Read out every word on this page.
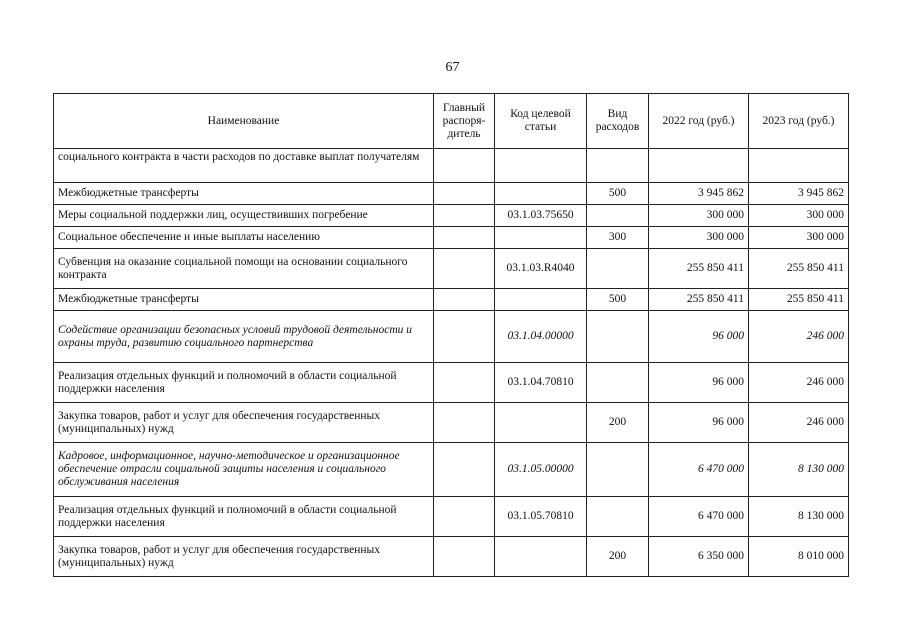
67
Наименование	Главный распоря-дитель	Код целевой статьи	Вид расходов	2022 год (руб.)	2023 год (руб.)
социального контракта в части расходов по доставке выплат получателям					
Межбюджетные трансферты			500	3 945 862	3 945 862
Меры социальной поддержки лиц, осуществивших погребение		03.1.03.75650		300 000	300 000
Социальное обеспечение и иные выплаты населению			300	300 000	300 000
Субвенция на оказание социальной помощи на основании социального контракта		03.1.03.R4040		255 850 411	255 850 411
Межбюджетные трансферты			500	255 850 411	255 850 411
Содействие организации безопасных условий трудовой деятельности и охраны труда, развитию социального партнерства		03.1.04.00000		96 000	246 000
Реализация отдельных функций и полномочий в области социальной поддержки населения		03.1.04.70810		96 000	246 000
Закупка товаров, работ и услуг для обеспечения государственных (муниципальных) нужд			200	96 000	246 000
Кадровое, информационное, научно-методическое и организационное обеспечение отрасли социальной защиты населения и социального обслуживания населения		03.1.05.00000		6 470 000	8 130 000
Реализация отдельных функций и полномочий в области социальной поддержки населения		03.1.05.70810		6 470 000	8 130 000
Закупка товаров, работ и услуг для обеспечения государственных (муниципальных) нужд			200	6 350 000	8 010 000
